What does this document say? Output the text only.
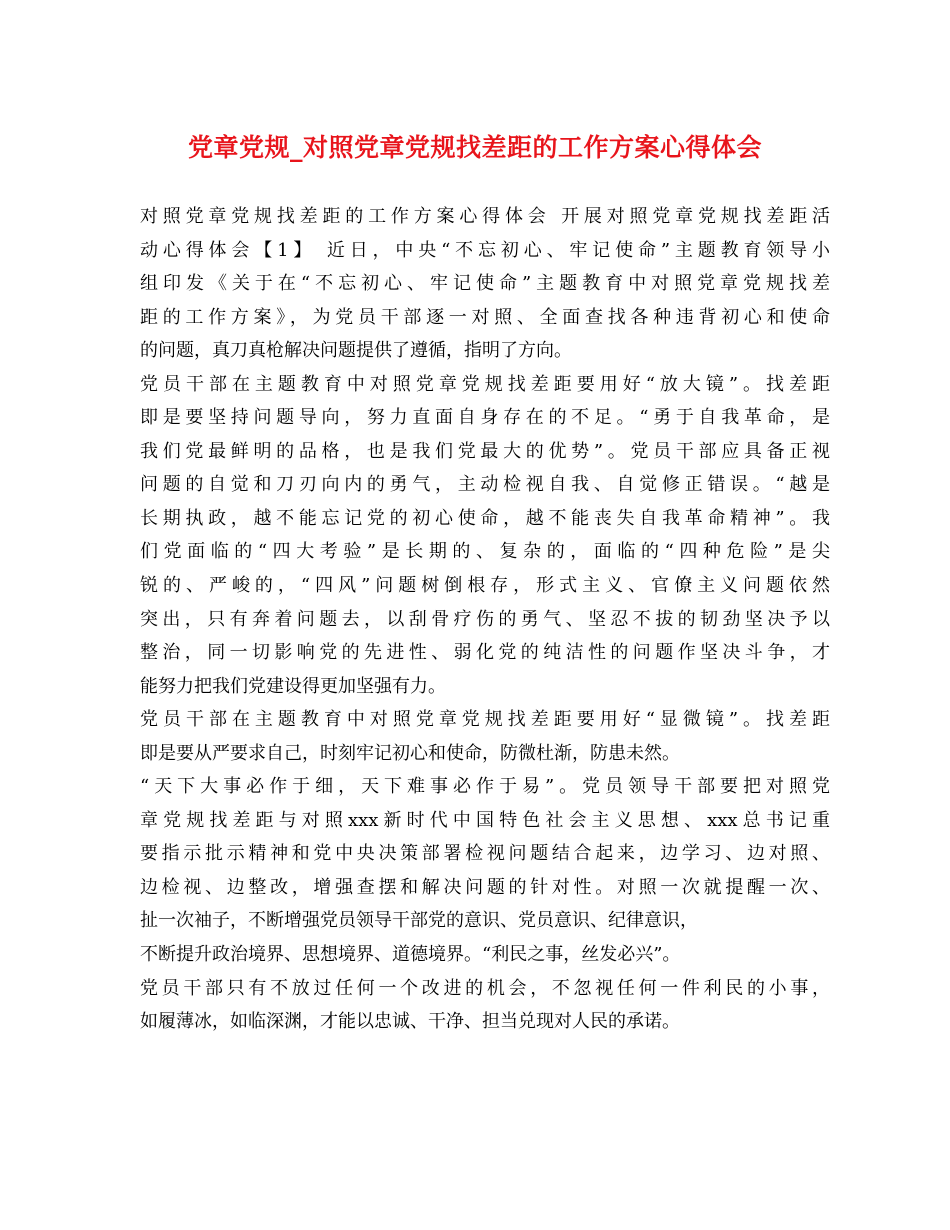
党章党规_对照党章党规找差距的工作方案心得体会
对照党章党规找差距的工作方案心得体会 开展对照党章党规找差距活
动心得体会【1】 近日，中央“不忘初心、牢记使命”主题教育领导小
组印发《关于在“不忘初心、牢记使命”主题教育中对照党章党规找差
距的工作方案》，为党员干部逐一对照、全面查找各种违背初心和使命
的问题，真刀真枪解决问题提供了遵循，指明了方向。
党员干部在主题教育中对照党章党规找差距要用好“放大镜”。找差距
即是要坚持问题导向，努力直面自身存在的不足。“勇于自我革命，是
我们党最鲜明的品格，也是我们党最大的优势”。党员干部应具备正视
问题的自觉和刀刃向内的勇气，主动检视自我、自觉修正错误。“越是
长期执政，越不能忘记党的初心使命，越不能丧失自我革命精神”。我
们党面临的“四大考验”是长期的、复杂的，面临的“四种危险”是尖
锐的、严峻的，“四风”问题树倒根存，形式主义、官僚主义问题依然
突出，只有奔着问题去，以刮骨疗伤的勇气、坚忍不拔的韧劲坚决予以
整治，同一切影响党的先进性、弱化党的纯洁性的问题作坚决斗争，才
能努力把我们党建设得更加坚强有力。
党员干部在主题教育中对照党章党规找差距要用好“显微镜”。找差距
即是要从严要求自己，时刻牢记初心和使命，防微杜渐，防患未然。
“天下大事必作于细，天下难事必作于易”。党员领导干部要把对照党
章党规找差距与对照xxx新时代中国特色社会主义思想、xxx总书记重
要指示批示精神和党中央决策部署检视问题结合起来，边学习、边对照、
边检视、边整改，增强查摆和解决问题的针对性。对照一次就提醒一次、
扯一次袖子，不断增强党员领导干部党的意识、党员意识、纪律意识，
不断提升政治境界、思想境界、道德境界。“利民之事，丝发必兴”。
党员干部只有不放过任何一个改进的机会，不忽视任何一件利民的小事，
如履薄冰，如临深渊，才能以忠诚、干净、担当兑现对人民的承诺。
